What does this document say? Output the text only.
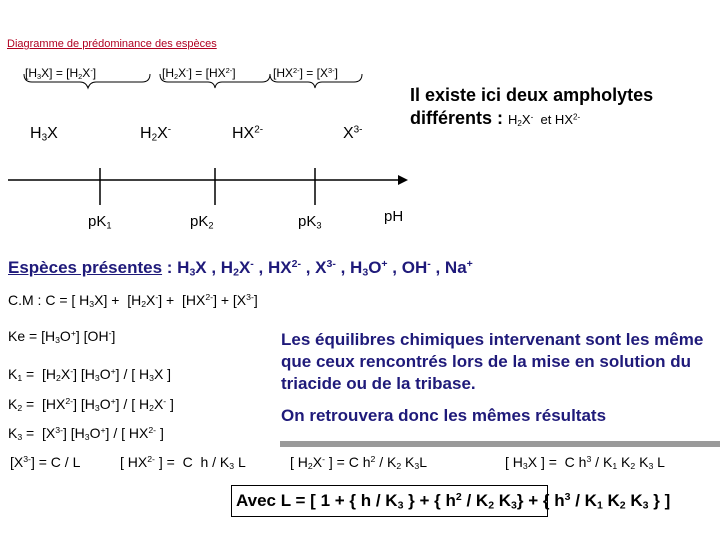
Diagramme de prédominance des espèces
$[H_3X] = [H_2X^-]$	$[H_2X^-] = [HX^{2-}]$	$[HX^{2-}] = [X^{3-}]$
$H_3X$	$H_2X^-$	$HX^{2-}$	$X^{3-}$
$pK_1$	$pK_2$	$pK_3$
pH
Il existe ici deux ampholytes
différents : $H_2X^-$  et $HX^{2-}$
Espèces présentes : $H_3X$ , $H_2X^-$ , $HX^{2-}$ , $X^{3-}$ , $H_3O^+$ , OH- , Na+
C.M : C = [ $H_3X] + [H_2X^-] + [HX^{2-}] + [X^{3-}]$
$Ke = [H_3O^+]$ [OH-]
$K_1 = [H_2X^-]$ $[H_3O^+]$ / [ $H_3X$ ]
$K_2 = [HX^{2-}]$ $[H_3O^+]$ / [ $H_2X^-$ ]
$K_3 = [X^{3-}]$ $[H_3O^+]$ / [ $HX^{2-}$ ]

Les équilibres chimiques intervenant sont les même que ceux rencontrés lors de la mise en solution du triacide ou de la tribase.

On retrouvera donc les mêmes résultats

$[X^{3-}] = C / L$	[ $HX^{2-}$ ] =  C  h / $K_3$ L	[ $H_2X^-$ ] = C $h^2 / K_2$ $K_3L$	[ $H_3X$ ] =  C $h^3 / K_1$ $K_2$ $K_3$ L
Avec L = [ 1 + { h / $K_3$ } + { $h^2 / K_2$ $K_3$} + { $h^3 / K_1$ $K_2$ $K_3$ } ]
